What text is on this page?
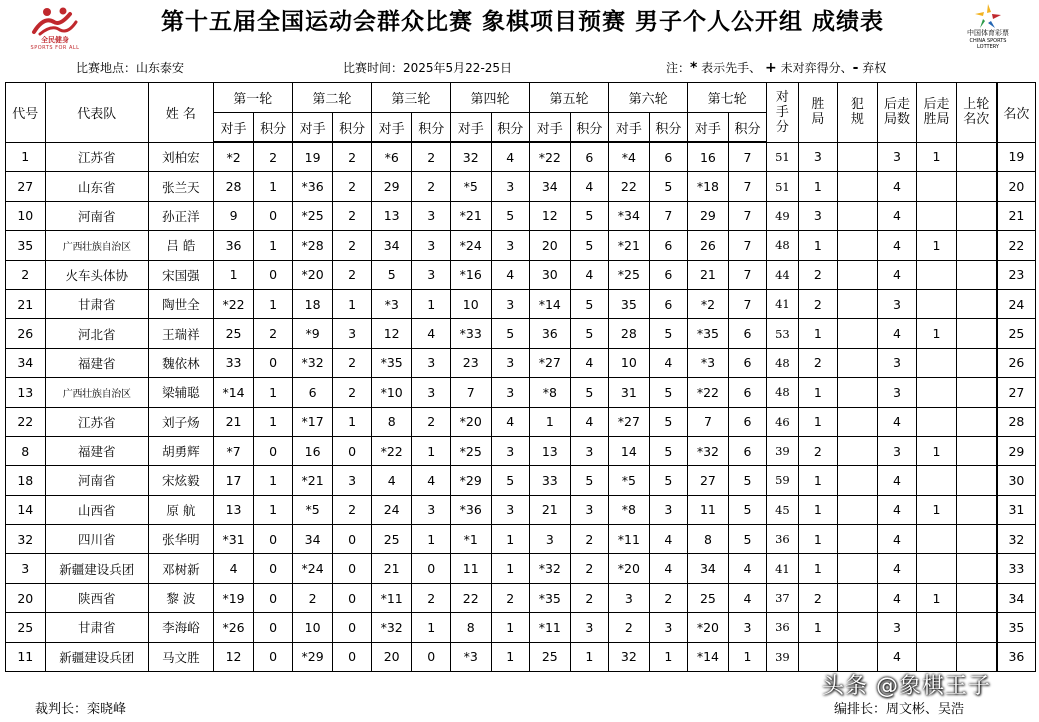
全民健身
SPORTS FOR ALL
第十五届全国运动会群众比赛 象棋项目预赛 男子个人公开组 成绩表	中国体育彩票
CHINA SPORTS LOTTERY
比赛地点：山东泰安	比赛时间：2025年5月22-25日	注：* 表示先手、 + 未对弈得分、- 弃权
代号	代表队	姓 名	第一轮		第二轮		第三轮		第四轮		第五轮		第六轮		第七轮		对手分	胜局	犯规	后走局数	后走胜局	上轮名次	名次
			对手	积分	对手	积分	对手	积分	对手	积分	对手	积分	对手	积分	对手	积分							
1	江苏省	刘柏宏	*2	2	19	2	*6	2	32	4	*22	6	*4	6	16	7	51	3		3	1		19
27	山东省	张兰天	28	1	*36	2	29	2	*5	3	34	4	22	5	*18	7	51	1		4			20
10	河南省	孙正洋	9	0	*25	2	13	3	*21	5	12	5	*34	7	29	7	49	3		4			21
35	广西壮族自治区	吕 皓	36	1	*28	2	34	3	*24	3	20	5	*21	6	26	7	48	1		4	1		22
2	火车头体协	宋国强	1	0	*20	2	5	3	*16	4	30	4	*25	6	21	7	44	2		4			23
21	甘肃省	陶世全	*22	1	18	1	*3	1	10	3	*14	5	35	6	*2	7	41	2		3			24
26	河北省	王瑞祥	25	2	*9	3	12	4	*33	5	36	5	28	5	*35	6	53	1		4	1		25
34	福建省	魏依林	33	0	*32	2	*35	3	23	3	*27	4	10	4	*3	6	48	2		3			26
13	广西壮族自治区	梁辅聪	*14	1	6	2	*10	3	7	3	*8	5	31	5	*22	6	48	1		3			27
22	江苏省	刘子炀	21	1	*17	1	8	2	*20	4	1	4	*27	5	7	6	46	1		4			28
8	福建省	胡勇辉	*7	0	16	0	*22	1	*25	3	13	3	14	5	*32	6	39	2		3	1		29
18	河南省	宋炫毅	17	1	*21	3	4	4	*29	5	33	5	*5	5	27	5	59	1		4			30
14	山西省	原 航	13	1	*5	2	24	3	*36	3	21	3	*8	3	11	5	45	1		4	1		31
32	四川省	张华明	*31	0	34	0	25	1	*1	1	3	2	*11	4	8	5	36	1		4			32
3	新疆建设兵团	邓树新	4	0	*24	0	21	0	11	1	*32	2	*20	4	34	4	41	1		4			33
20	陕西省	黎 波	*19	0	2	0	*11	2	22	2	*35	2	3	2	25	4	37	2		4	1		34
25	甘肃省	李海峪	*26	0	10	0	*32	1	8	1	*11	3	2	3	*20	3	36	1		3			35
11	新疆建设兵团	马文胜	12	0	*29	0	20	0	*3	1	25	1	32	1	*14	1	39			4			36
裁判长：栾晓峰	编排长：周文彬、吴浩
头条 @象棋王子
